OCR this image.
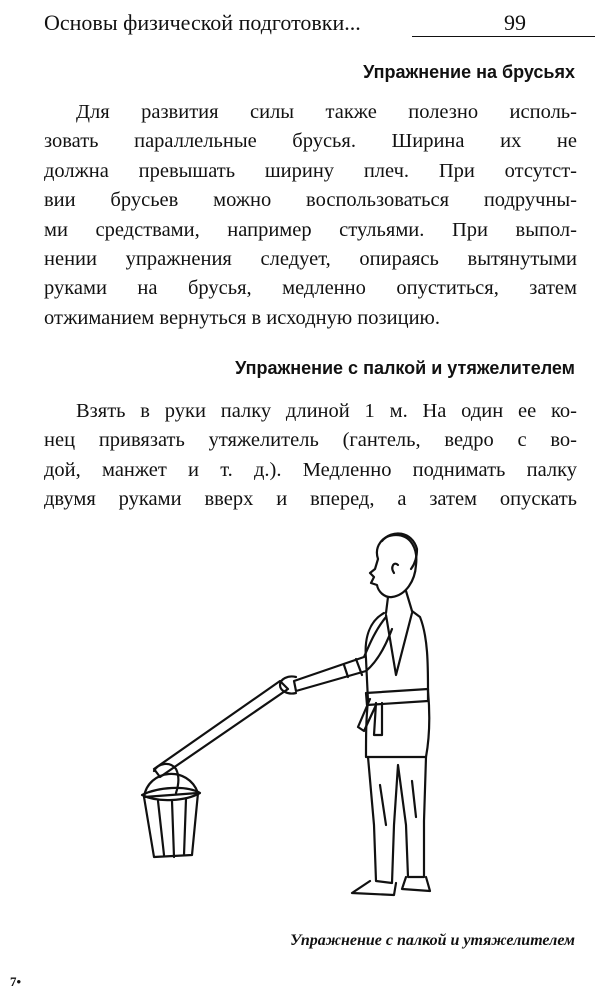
Основы физической подготовки...	99
Упражнение на брусьях
Для развития силы также полезно исполь-
зовать параллельные брусья. Ширина их не
должна превышать ширину плеч. При отсутст-
вии брусьев можно воспользоваться подручны-
ми средствами, например стульями. При выпол-
нении упражнения следует, опираясь вытянутыми
руками на брусья, медленно опуститься, затем
отжиманием вернуться в исходную позицию.
Упражнение с палкой и утяжелителем
Взять в руки палку длиной 1 м. На один ее ко-
нец привязать утяжелитель (гантель, ведро с во-
дой, манжет и т. д.). Медленно поднимать палку
двумя руками вверх и вперед, а затем опускать
Упражнение с палкой и утяжелителем
7•
